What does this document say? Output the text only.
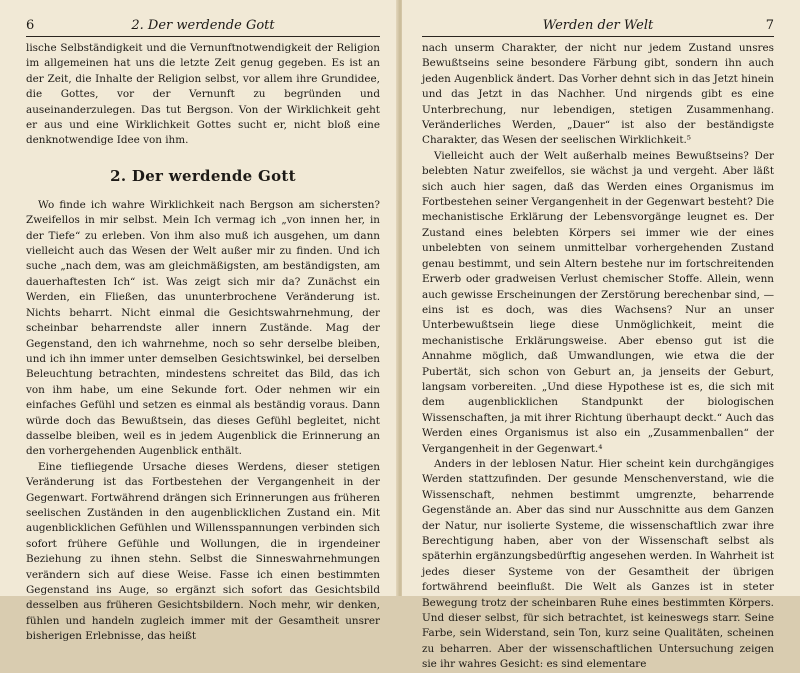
6	2. Der werdende Gott

lische Selbständigkeit und die Vernunftnotwendigkeit der Religion im allgemeinen hat uns die letzte Zeit genug gegeben. Es ist an der Zeit, die Inhalte der Religion selbst, vor allem ihre Grundidee, die Gottes, vor der Vernunft zu begründen und auseinanderzulegen. Das tut Bergson. Von der Wirklichkeit geht er aus und eine Wirklichkeit Gottes sucht er, nicht bloß eine denknotwendige Idee von ihm.

2. Der werdende Gott

Wo finde ich wahre Wirklichkeit nach Bergson am sichersten? Zweifellos in mir selbst. Mein Ich vermag ich „von innen her, in der Tiefe“ zu erleben. Von ihm also muß ich ausgehen, um dann vielleicht auch das Wesen der Welt außer mir zu finden. Und ich suche „nach dem, was am gleichmäßigsten, am beständigsten, am dauerhaftesten Ich“ ist. Was zeigt sich mir da? Zunächst ein Werden, ein Fließen, das ununterbrochene Veränderung ist. Nichts beharrt. Nicht einmal die Gesichtswahrnehmung, der scheinbar beharrendste aller innern Zustände. Mag der Gegenstand, den ich wahrnehme, noch so sehr derselbe bleiben, und ich ihn immer unter demselben Gesichtswinkel, bei derselben Beleuchtung betrachten, mindestens schreitet das Bild, das ich von ihm habe, um eine Sekunde fort. Oder nehmen wir ein einfaches Gefühl und setzen es einmal als beständig voraus. Dann würde doch das Bewußtsein, das dieses Gefühl begleitet, nicht dasselbe bleiben, weil es in jedem Augenblick die Erinnerung an den vorhergehenden Augenblick enthält.

Eine tiefliegende Ursache dieses Werdens, dieser stetigen Veränderung ist das Fortbestehen der Vergangenheit in der Gegenwart. Fortwährend drängen sich Erinnerungen aus früheren seelischen Zuständen in den augenblicklichen Zustand ein. Mit augenblicklichen Gefühlen und Willensspannungen verbinden sich sofort frühere Gefühle und Wollungen, die in irgendeiner Beziehung zu ihnen stehn. Selbst die Sinneswahrnehmungen verändern sich auf diese Weise. Fasse ich einen bestimmten Gegenstand ins Auge, so ergänzt sich sofort das Gesichtsbild desselben aus früheren Gesichtsbildern. Noch mehr, wir denken, fühlen und handeln zugleich immer mit der Gesamtheit unsrer bisherigen Erlebnisse, das heißt

Werden der Welt	7

nach unserm Charakter, der nicht nur jedem Zustand unsres Bewußtseins seine besondere Färbung gibt, sondern ihn auch jeden Augenblick ändert. Das Vorher dehnt sich in das Jetzt hinein und das Jetzt in das Nachher. Und nirgends gibt es eine Unterbrechung, nur lebendigen, stetigen Zusammenhang. Veränderliches Werden, „Dauer“ ist also der beständigste Charakter, das Wesen der seelischen Wirklichkeit.⁵

Vielleicht auch der Welt außerhalb meines Bewußtseins? Der belebten Natur zweifellos, sie wächst ja und vergeht. Aber läßt sich auch hier sagen, daß das Werden eines Organismus im Fortbestehen seiner Vergangenheit in der Gegenwart besteht? Die mechanistische Erklärung der Lebensvorgänge leugnet es. Der Zustand eines belebten Körpers sei immer wie der eines unbelebten von seinem unmittelbar vorhergehenden Zustand genau bestimmt, und sein Altern bestehe nur im fortschreitenden Erwerb oder gradweisen Verlust chemischer Stoffe. Allein, wenn auch gewisse Erscheinungen der Zerstörung berechenbar sind, — eins ist es doch, was dies Wachsens? Nur an unser Unterbewußtsein liege diese Unmöglichkeit, meint die mechanistische Erklärungsweise. Aber ebenso gut ist die Annahme möglich, daß Umwandlungen, wie etwa die der Pubertät, sich schon von Geburt an, ja jenseits der Geburt, langsam vorbereiten. „Und diese Hypothese ist es, die sich mit dem augenblicklichen Standpunkt der biologischen Wissenschaften, ja mit ihrer Richtung überhaupt deckt.“ Auch das Werden eines Organismus ist also ein „Zusammenballen“ der Vergangenheit in der Gegenwart.⁴

Anders in der leblosen Natur. Hier scheint kein durchgängiges Werden stattzufinden. Der gesunde Menschenverstand, wie die Wissenschaft, nehmen bestimmt umgrenzte, beharrende Gegenstände an. Aber das sind nur Ausschnitte aus dem Ganzen der Natur, nur isolierte Systeme, die wissenschaftlich zwar ihre Berechtigung haben, aber von der Wissenschaft selbst als späterhin ergänzungsbedürftig angesehen werden. In Wahrheit ist jedes dieser Systeme von der Gesamtheit der übrigen fortwährend beeinflußt. Die Welt als Ganzes ist in steter Bewegung trotz der scheinbaren Ruhe eines bestimmten Körpers. Und dieser selbst, für sich betrachtet, ist keineswegs starr. Seine Farbe, sein Widerstand, sein Ton, kurz seine Qualitäten, scheinen zu beharren. Aber der wissenschaftlichen Untersuchung zeigen sie ihr wahres Gesicht: es sind elementare
